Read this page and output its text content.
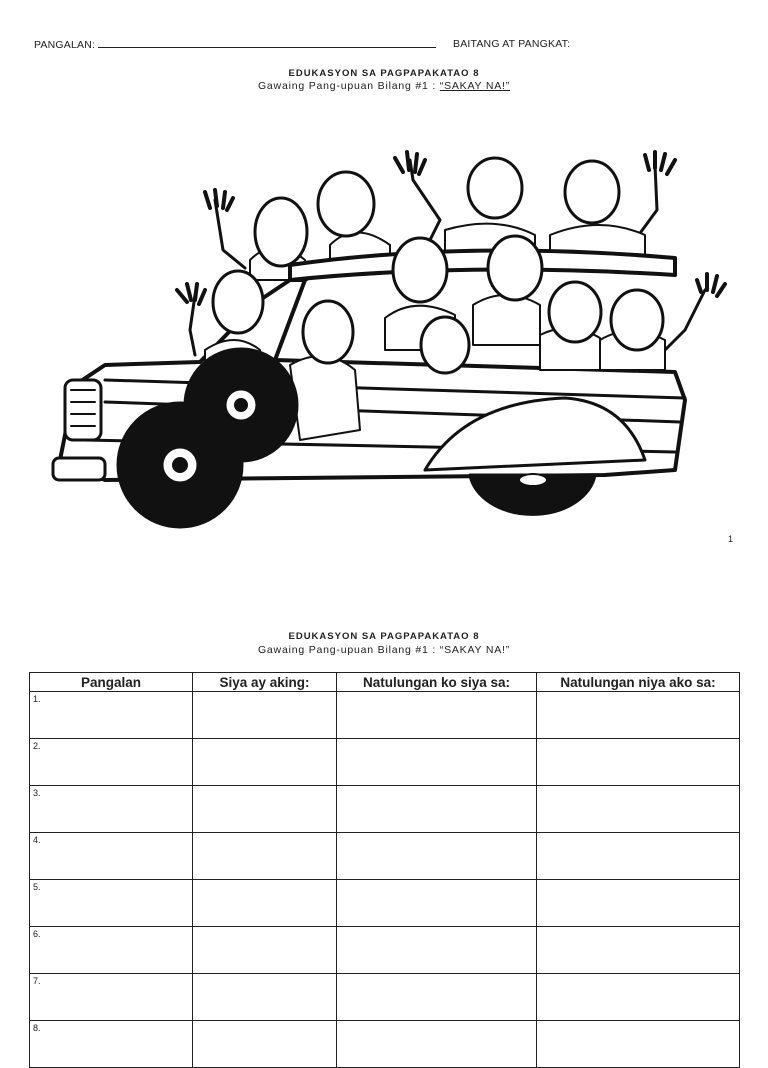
PANGALAN:	BAITANG AT PANGKAT:
EDUKASYON SA PAGPAPAKATAO 8
Gawaing Pang-upuan Bilang #1 : “SAKAY NA!”
1
EDUKASYON SA PAGPAPAKATAO 8
Gawaing Pang-upuan Bilang #1 : “SAKAY NA!”
Pangalan	Siya ay aking:	Natulungan ko siya sa:	Natulungan niya ako sa:
1.			
2.			
3.			
4.			
5.			
6.			
7.			
8.			
